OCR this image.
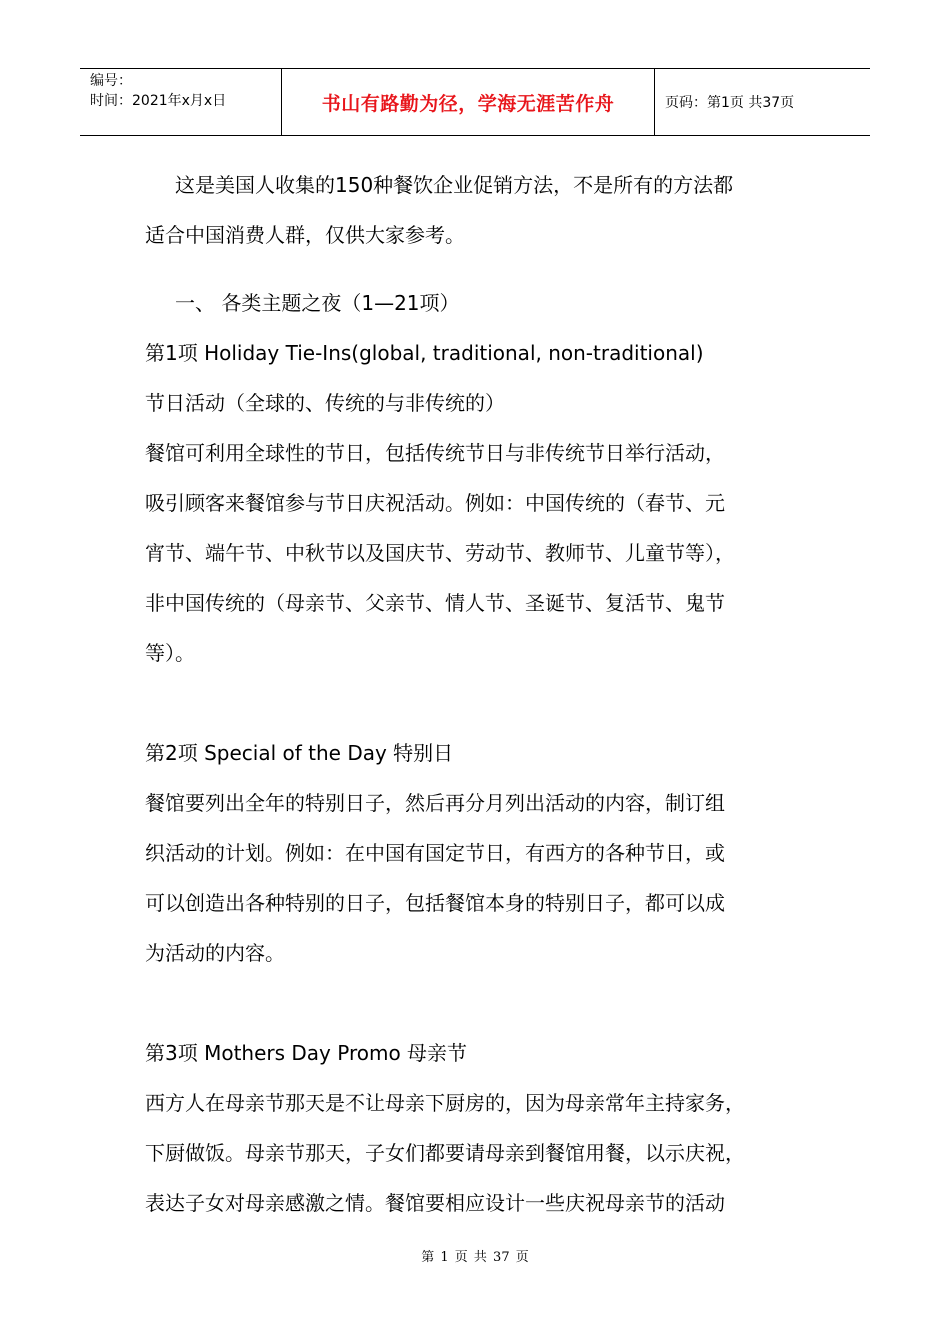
编号：
时间：2021年x月x日	书山有路勤为径，学海无涯苦作舟	页码：第1页 共37页
这是美国人收集的150种餐饮企业促销方法，不是所有的方法都
适合中国消费人群，仅供大家参考。
一、 各类主题之夜（1—21项）
第1项 Holiday Tie-Ins(global, traditional, non-traditional)
节日活动（全球的、传统的与非传统的）
餐馆可利用全球性的节日，包括传统节日与非传统节日举行活动，
吸引顾客来餐馆参与节日庆祝活动。例如：中国传统的（春节、元
宵节、端午节、中秋节以及国庆节、劳动节、教师节、儿童节等），
非中国传统的（母亲节、父亲节、情人节、圣诞节、复活节、鬼节
等）。
第2项 Special of the Day 特别日
餐馆要列出全年的特别日子，然后再分月列出活动的内容，制订组
织活动的计划。例如：在中国有国定节日，有西方的各种节日，或
可以创造出各种特别的日子，包括餐馆本身的特别日子，都可以成
为活动的内容。
第3项 Mothers Day Promo 母亲节
西方人在母亲节那天是不让母亲下厨房的，因为母亲常年主持家务，
下厨做饭。母亲节那天，子女们都要请母亲到餐馆用餐，以示庆祝，
表达子女对母亲感激之情。餐馆要相应设计一些庆祝母亲节的活动
第 1 页 共 37 页
